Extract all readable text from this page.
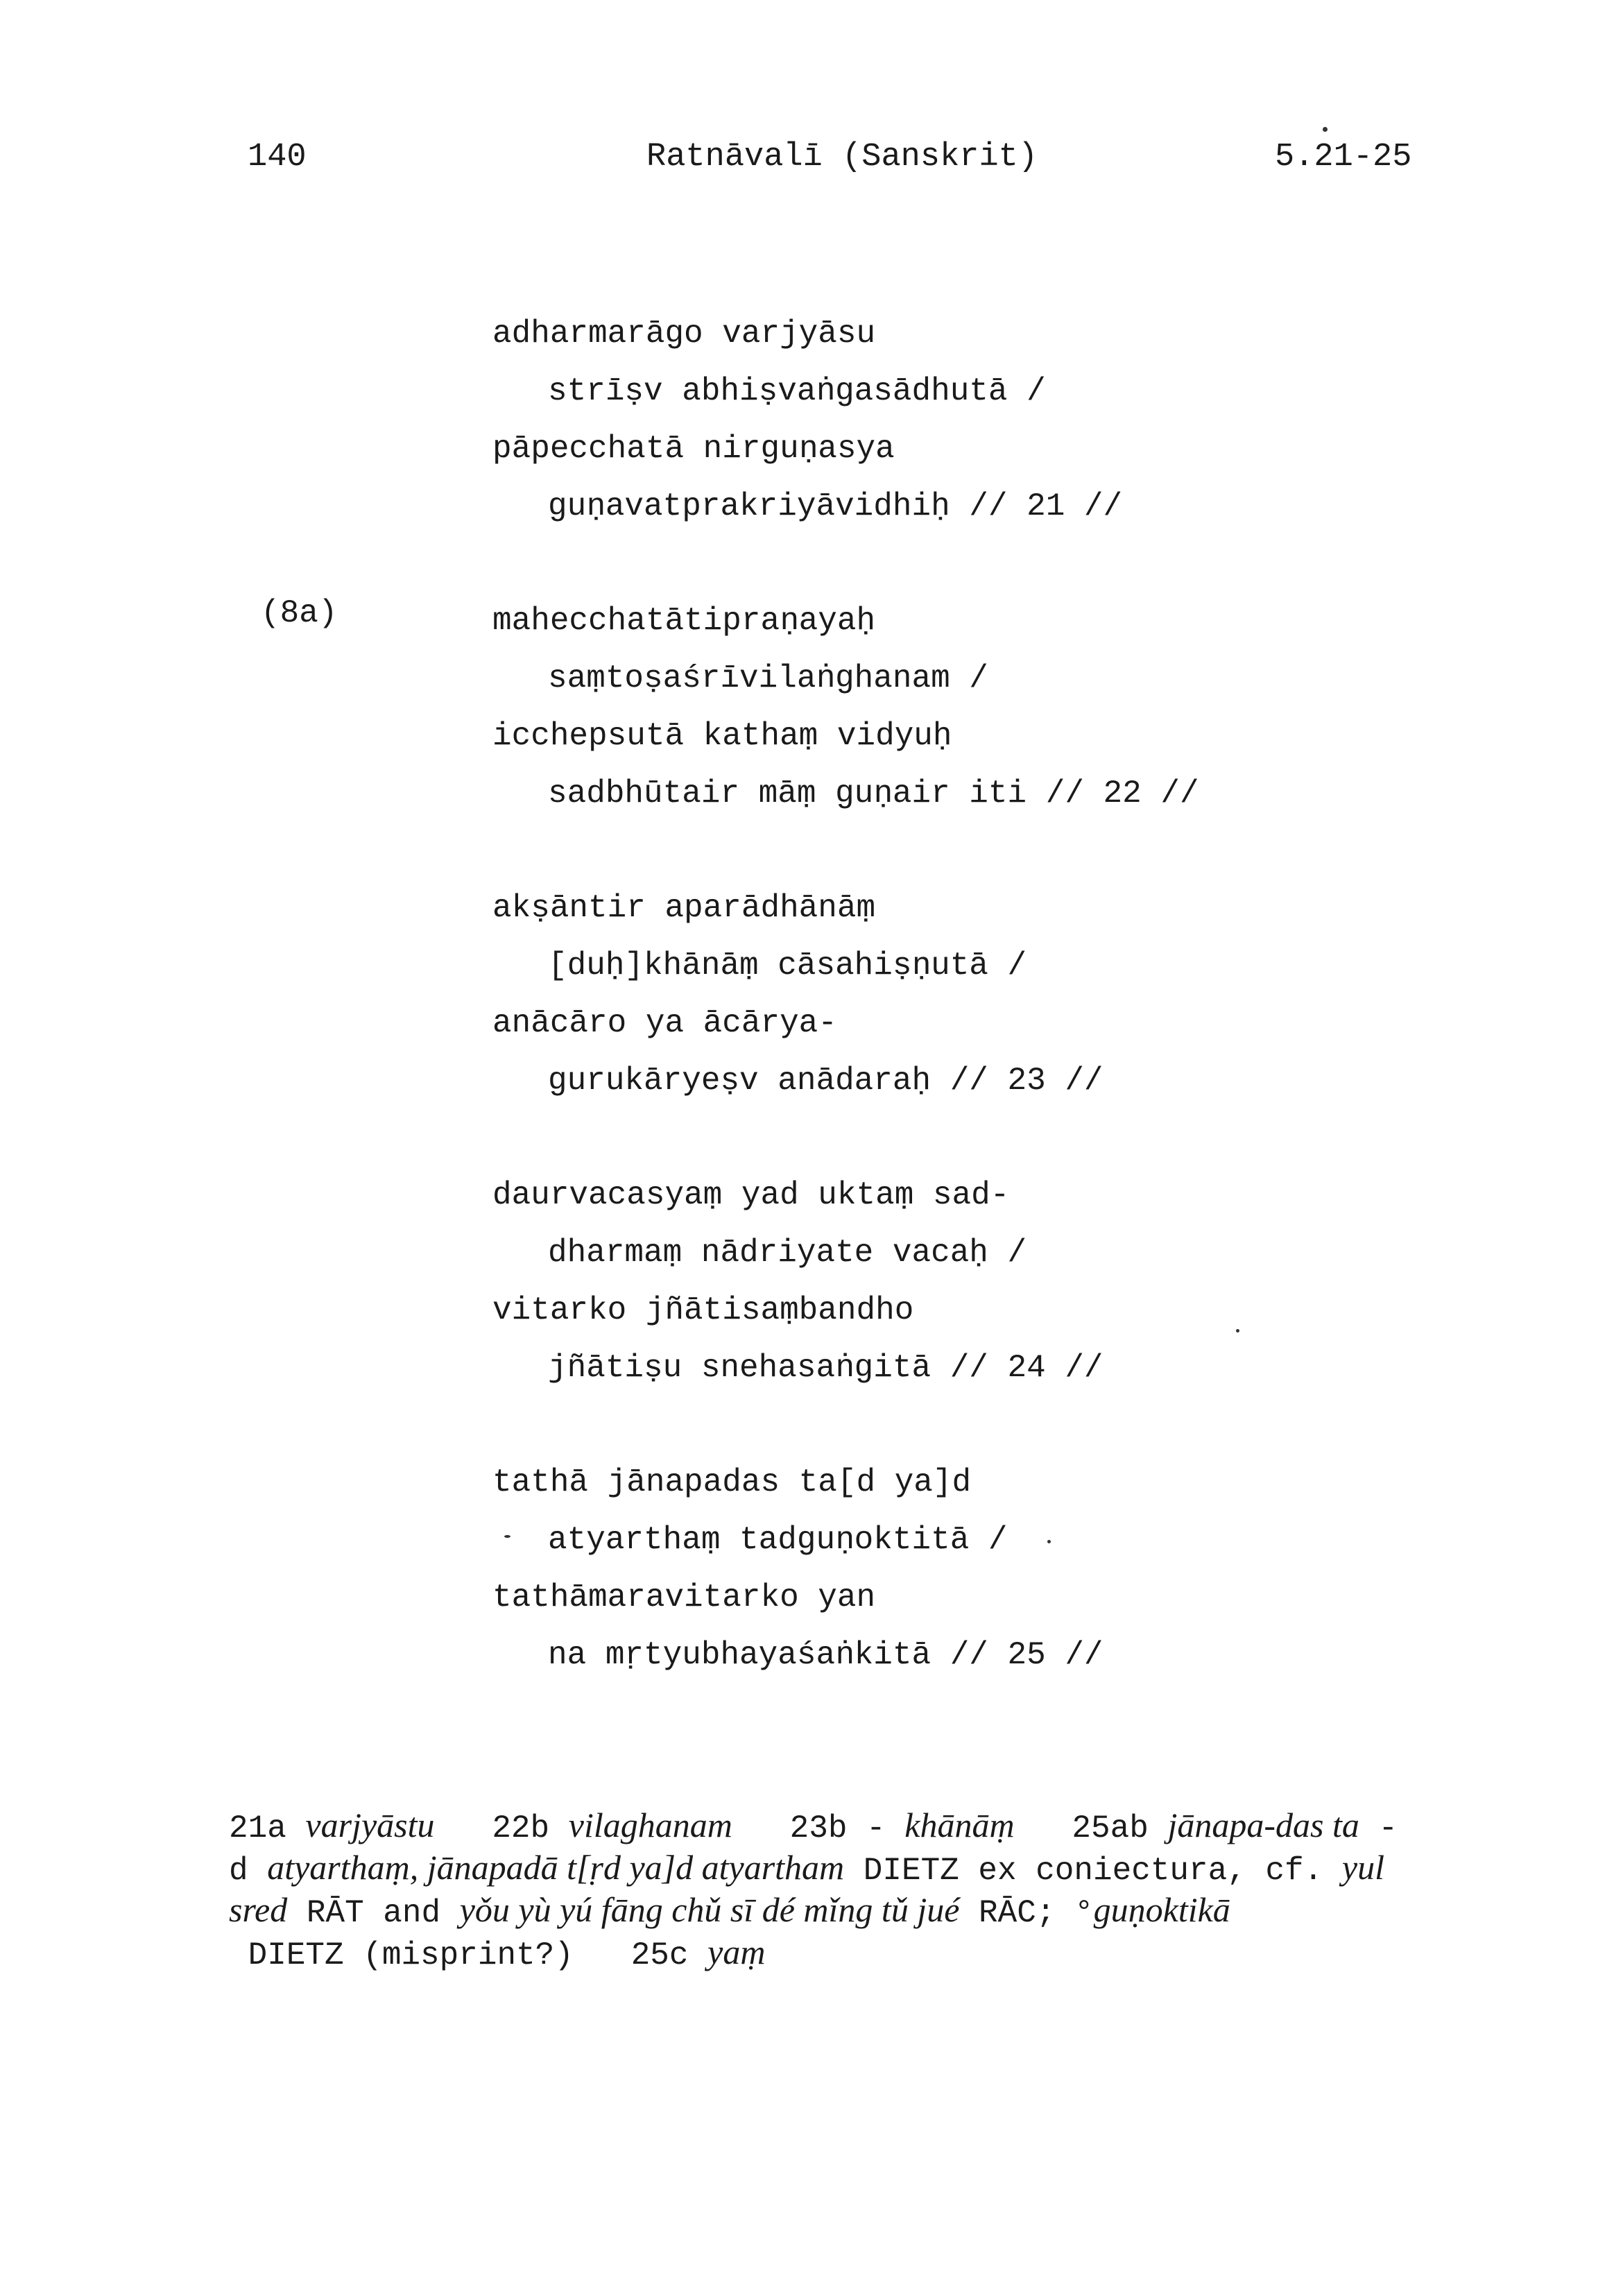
140	Ratnāvalī (Sanskrit)	5.21-25
(8a)
adharmarāgo varjyāsu
strīṣv abhiṣvaṅgasādhutā /
pāpecchatā nirguṇasya
guṇavatprakriyāvidhiḥ // 21 //
mahecchatātipraṇayaḥ
saṃtoṣaśrīvilaṅghanam /
icchepsutā kathaṃ vidyuḥ
sadbhūtair māṃ guṇair iti // 22 //
akṣāntir aparādhānāṃ
[duḥ]khānāṃ cāsahiṣṇutā /
anācāro ya ācārya-
gurukāryeṣv anādaraḥ // 23 //
daurvacasyaṃ yad uktaṃ sad-
dharmaṃ nādriyate vacaḥ /
vitarko jñātisaṃbandho
jñātiṣu snehasaṅgitā // 24 //
tathā jānapadas ta[d ya]d
atyarthaṃ tadguṇoktitā /
tathāmaravitarko yan
na mṛtyubhayaśaṅkitā // 25 //

21a varjyāstu   22b vilaghanam   23b - khānāṃ   25ab jānapa-das ta - d atyarthaṃ, jānapadā t[ṛd ya]d atyartham DIETZ ex coniectura, cf. yul sred RĀT and yǒu yù yú fāng chǔ sī dé mǐng tǔ jué RĀC; °guṇoktikā DIETZ (misprint?)   25c yaṃ
